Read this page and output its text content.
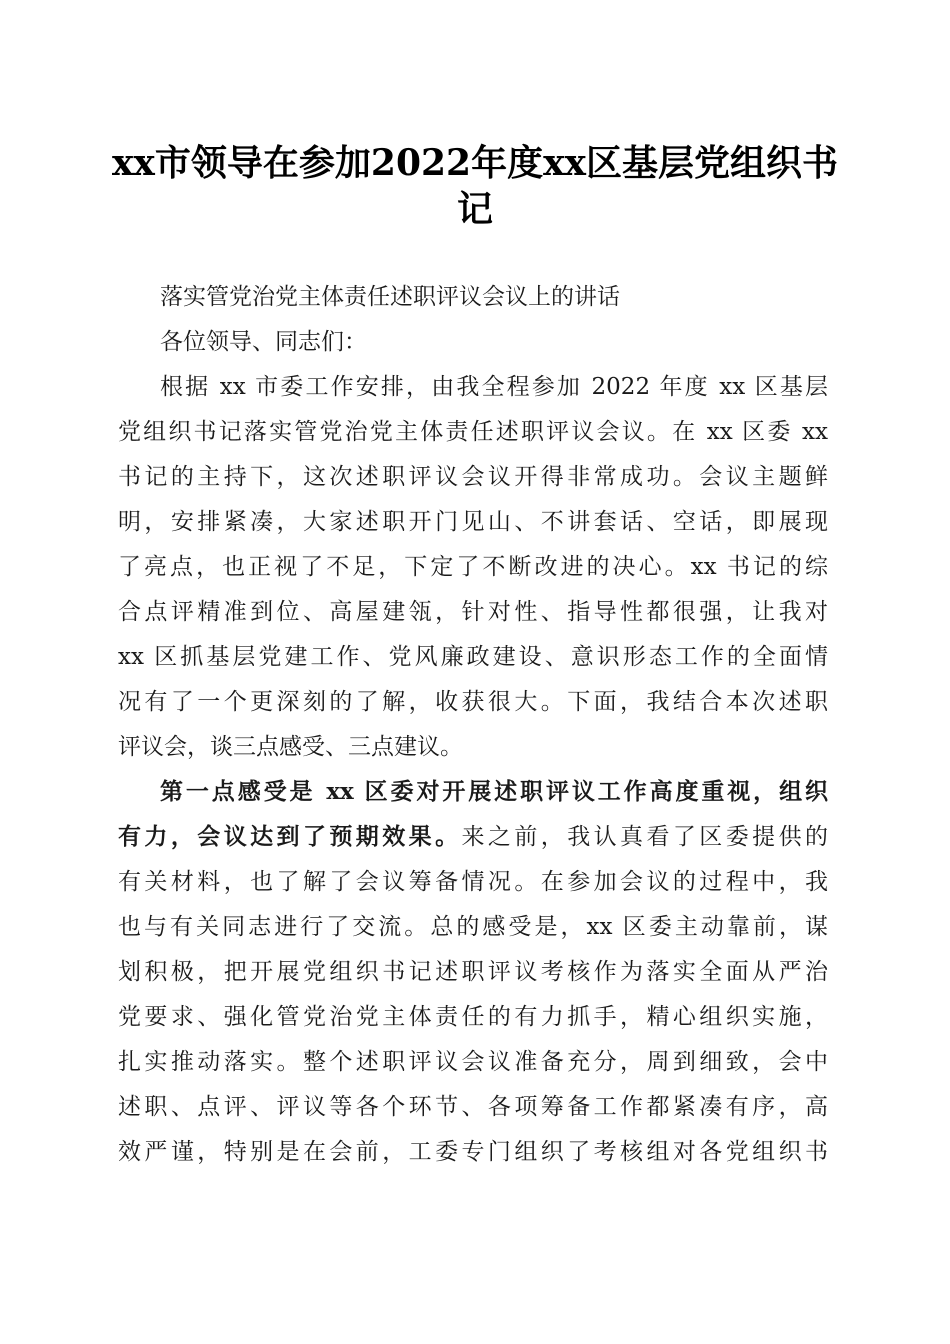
xx市领导在参加2022年度xx区基层党组织书
记
落实管党治党主体责任述职评议会议上的讲话
各位领导、同志们：
根据 xx 市委工作安排，由我全程参加 2022 年度 xx 区基层
党组织书记落实管党治党主体责任述职评议会议。在 xx 区委 xx
书记的主持下，这次述职评议会议开得非常成功。会议主题鲜
明，安排紧凑，大家述职开门见山、不讲套话、空话，即展现
了亮点，也正视了不足，下定了不断改进的决心。xx 书记的综
合点评精准到位、高屋建瓴，针对性、指导性都很强，让我对
xx 区抓基层党建工作、党风廉政建设、意识形态工作的全面情
况有了一个更深刻的了解，收获很大。下面，我结合本次述职
评议会，谈三点感受、三点建议。
第一点感受是 xx 区委对开展述职评议工作高度重视，组织
有力，会议达到了预期效果。来之前，我认真看了区委提供的
有关材料，也了解了会议筹备情况。在参加会议的过程中，我
也与有关同志进行了交流。总的感受是，xx 区委主动靠前，谋
划积极，把开展党组织书记述职评议考核作为落实全面从严治
党要求、强化管党治党主体责任的有力抓手，精心组织实施，
扎实推动落实。整个述职评议会议准备充分，周到细致，会中
述职、点评、评议等各个环节、各项筹备工作都紧凑有序，高
效严谨，特别是在会前，工委专门组织了考核组对各党组织书
